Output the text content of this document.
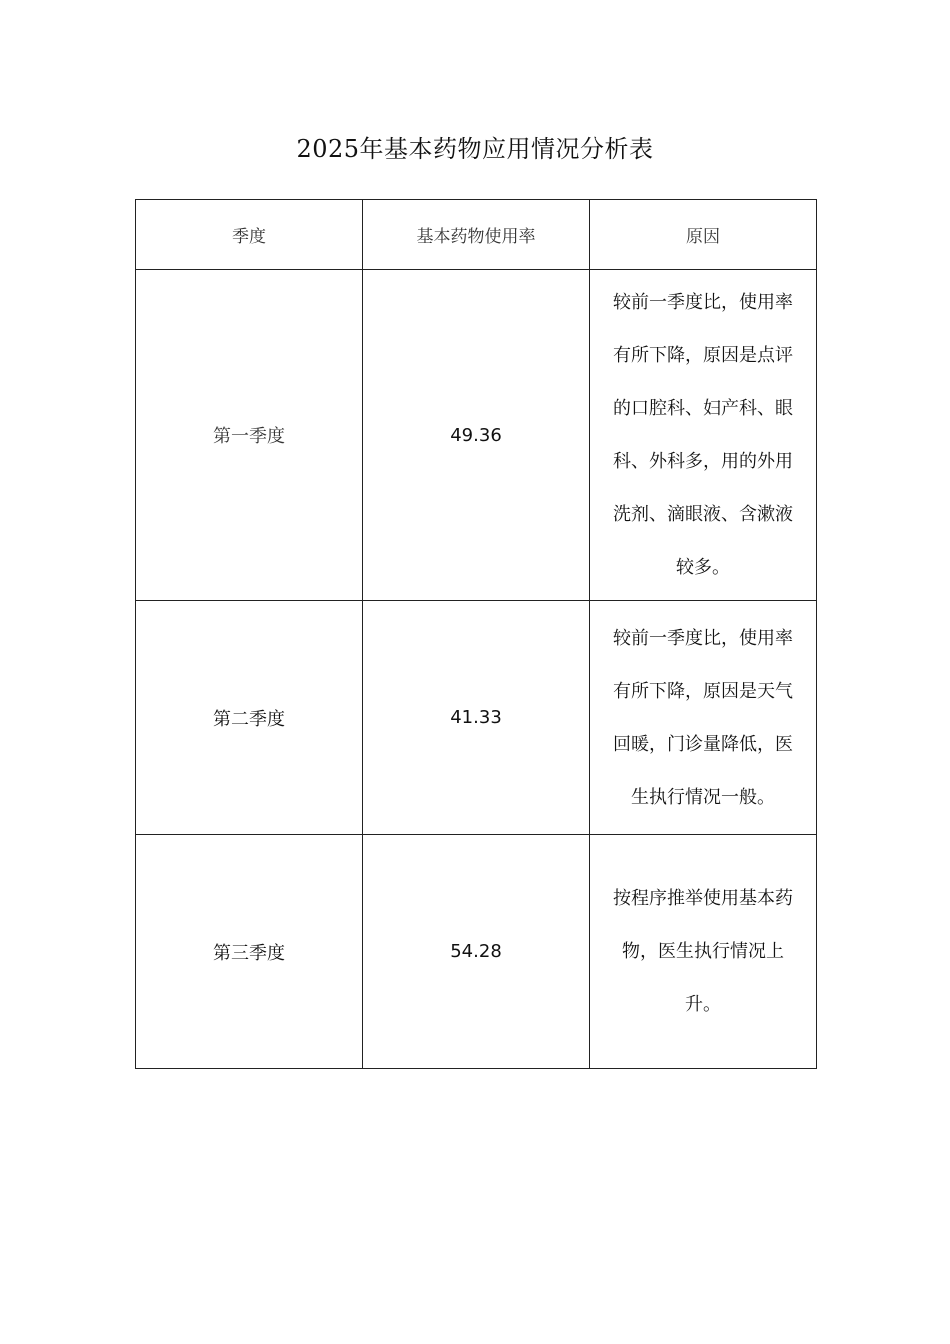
2025年基本药物应用情况分析表
季度	基本药物使用率	原因
第一季度	49.36	较前一季度比，使用率有所下降，原因是点评的口腔科、妇产科、眼科、外科多，用的外用洗剂、滴眼液、含漱液较多。
第二季度	41.33	较前一季度比，使用率有所下降，原因是天气回暖，门诊量降低，医生执行情况一般。
第三季度	54.28	按程序推举使用基本药物，医生执行情况上升。
